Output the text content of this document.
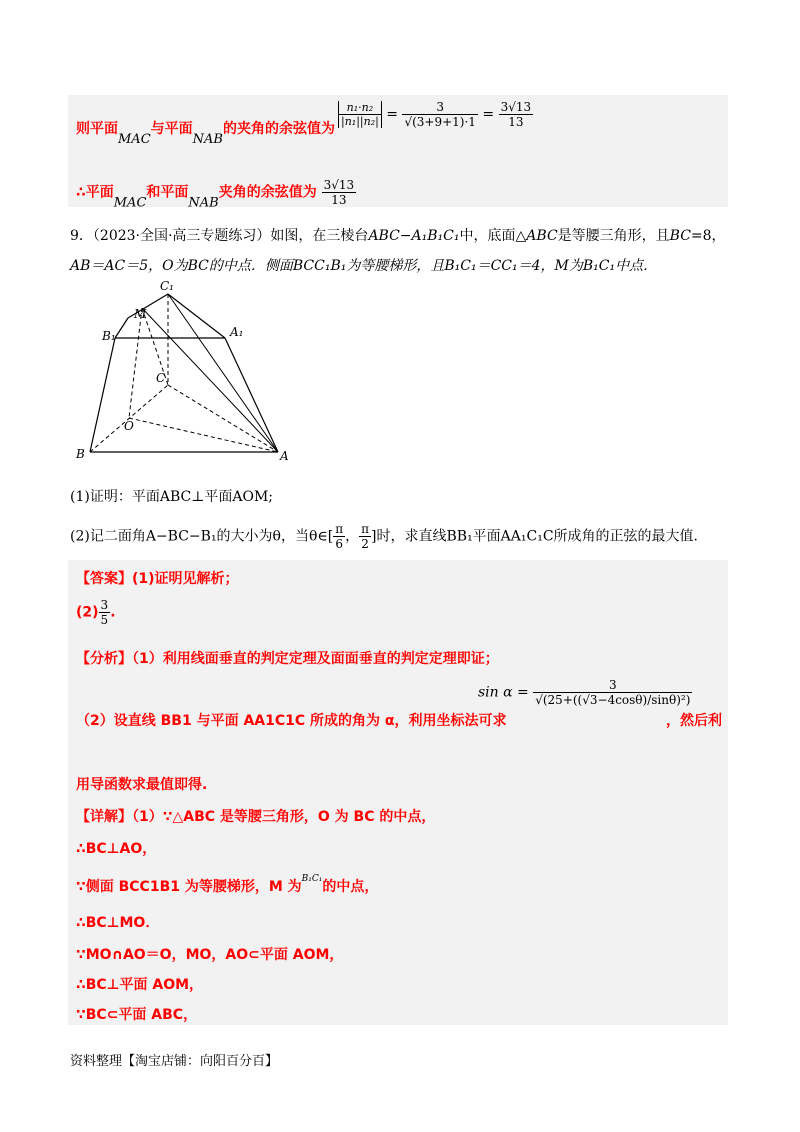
则平面MAC与平面NAB的夹角的余弦值为
$\frac{\text{n₁·n₂}}{\text{|n₁||n₂|}} = \frac{3}{√(3+9+1)\cdot 1} = \frac{3√13}{13}$
∴平面MAC和平面NAB夹角的余弦值为 $\frac{3√13}{13}$
9．（2023·全国·高三专题练习）如图，在三棱台ABC−A₁B₁C₁中，底面△ABC是等腰三角形，且BC=8，
AB＝AC＝5，O为BC的中点．侧面BCC₁B₁为等腰梯形，且B₁C₁＝CC₁＝4，M为B₁C₁中点．
C₁
M
A₁
B₁
C
O
B	A
(1)证明：平面ABC⊥平面AOM;
(2)记二面角A−BC−B₁的大小为θ，当θ∈[ $\frac{\pi}{6}$ ， $\frac{\pi}{2}$ ]时，求直线BB₁平面AA₁C₁C所成角的正弦的最大值．
【答案】(1)证明见解析；
$(2) \frac{3}{5}$ .
【分析】（1）利用线面垂直的判定定理及面面垂直的判定定理即证；
$\sin \alpha = \frac{3}{\text{√(25+((√3−4cosθ)/sinθ)²)}}$
（2）设直线 BB1 与平面 AA1C1C 所成的角为 α，利用坐标法可求	，然后利
用导函数求最值即得.
【详解】（1）∵△ABC 是等腰三角形，O 为 BC 的中点，
∴BC⊥AO，
∵侧面 BCC1B1 为等腰梯形，M 为$^{B_1C_1}$的中点，
∴BC⊥MO．
∵MO∩AO＝O，MO，AO⊂平面 AOM，
∴BC⊥平面 AOM，
∵BC⊂平面 ABC，
资料整理【淘宝店铺：向阳百分百】
